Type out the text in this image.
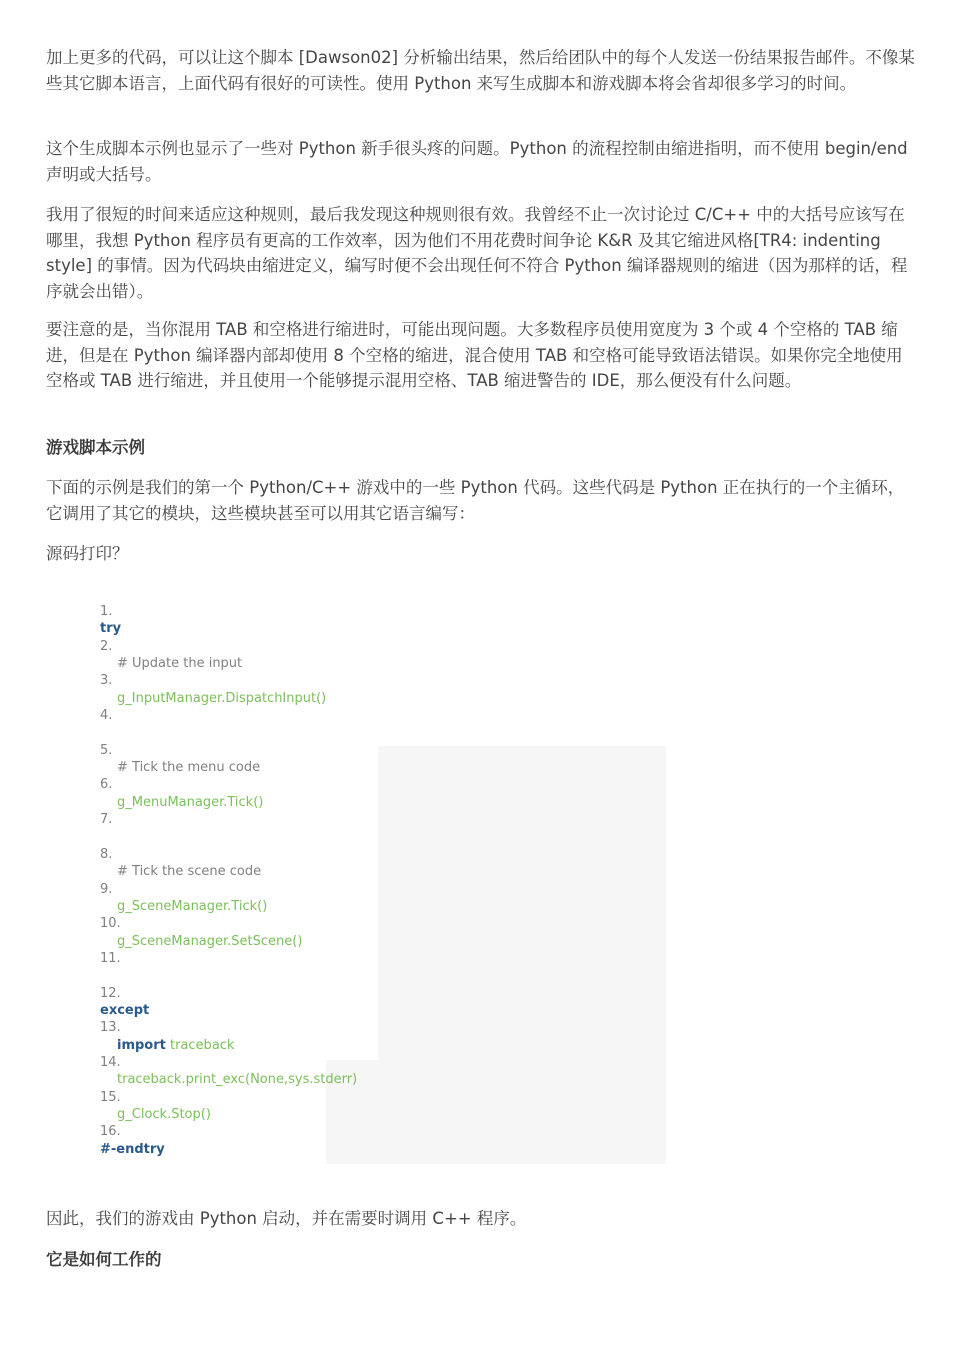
加上更多的代码，可以让这个脚本 [Dawson02] 分析输出结果，然后给团队中的每个人发送一份结果报告邮件。不像某些其它脚本语言，上面代码有很好的可读性。使用 Python 来写生成脚本和游戏脚本将会省却很多学习的时间。

这个生成脚本示例也显示了一些对 Python 新手很头疼的问题。Python 的流程控制由缩进指明，而不使用 begin/end 声明或大括号。

我用了很短的时间来适应这种规则，最后我发现这种规则很有效。我曾经不止一次讨论过 C/C++ 中的大括号应该写在哪里，我想 Python 程序员有更高的工作效率，因为他们不用花费时间争论 K&R 及其它缩进风格[TR4: indenting style] 的事情。因为代码块由缩进定义，编写时便不会出现任何不符合 Python 编译器规则的缩进（因为那样的话，程序就会出错）。

要注意的是，当你混用 TAB 和空格进行缩进时，可能出现问题。大多数程序员使用宽度为 3 个或 4 个空格的 TAB 缩进，但是在 Python 编译器内部却使用 8 个空格的缩进，混合使用 TAB 和空格可能导致语法错误。如果你完全地使用空格或 TAB 进行缩进，并且使用一个能够提示混用空格、TAB 缩进警告的 IDE，那么便没有什么问题。

游戏脚本示例

下面的示例是我们的第一个 Python/C++ 游戏中的一些 Python 代码。这些代码是 Python 正在执行的一个主循环，它调用了其它的模块，这些模块甚至可以用其它语言编写：

源码打印？

1.
try
2.
# Update the input
3.
g_InputManager.DispatchInput()
4.
5.
# Tick the menu code
6.
g_MenuManager.Tick()
7.
8.
# Tick the scene code
9.
g_SceneManager.Tick()
10.
g_SceneManager.SetScene()
11.
12.
except
13.
import traceback
14.
traceback.print_exc(None,sys.stderr)
15.
g_Clock.Stop()
16.
#-endtry

因此，我们的游戏由 Python 启动，并在需要时调用 C++ 程序。

它是如何工作的
